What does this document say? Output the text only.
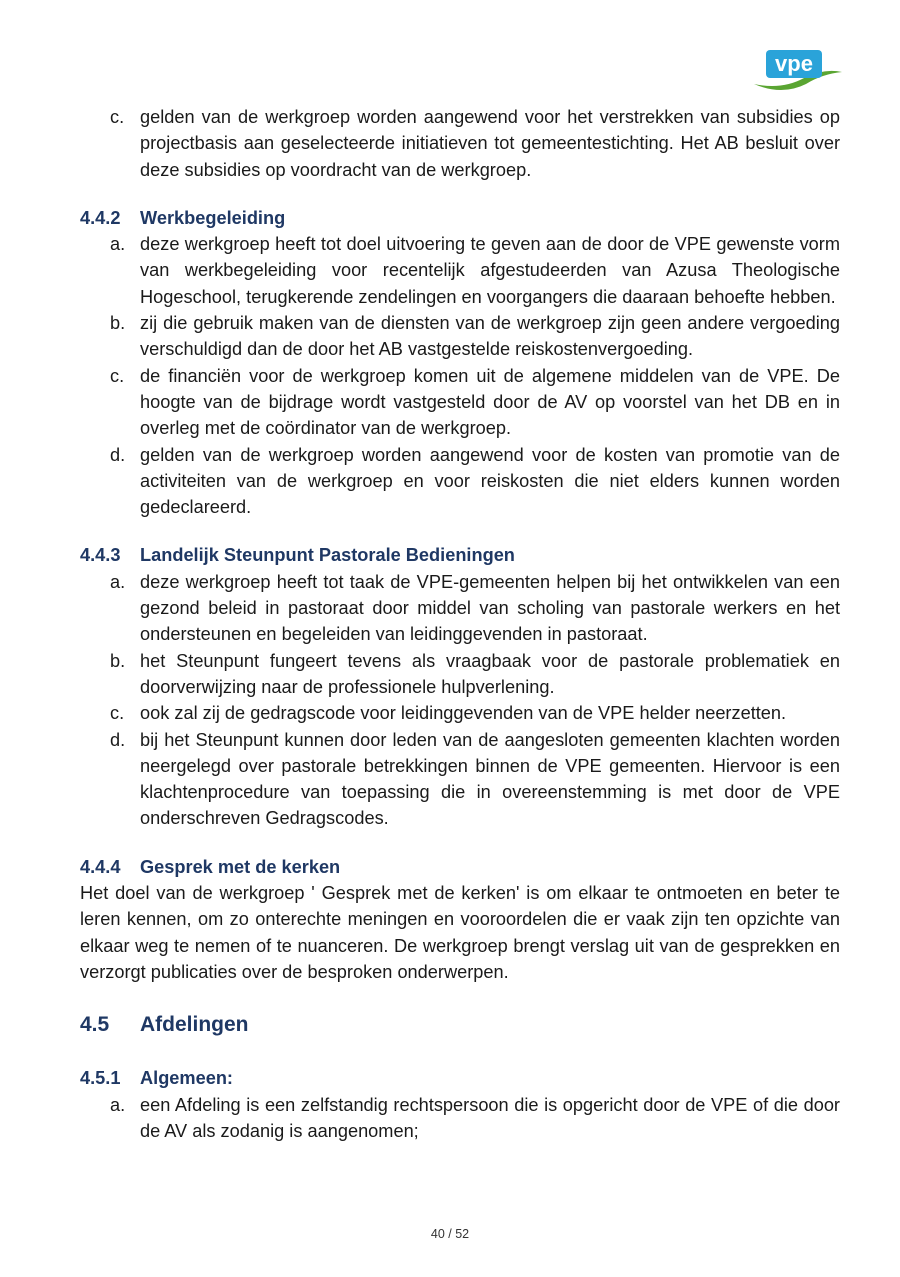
vpe
c. gelden van de werkgroep worden aangewend voor het verstrekken van subsidies op projectbasis aan geselecteerde initiatieven tot gemeentestichting. Het AB besluit over deze subsidies op voordracht van de werkgroep.
4.4.2	Werkbegeleiding
a. deze werkgroep heeft tot doel uitvoering te geven aan de door de VPE gewenste vorm van werkbegeleiding voor recentelijk afgestudeerden van Azusa Theologische Hogeschool, terugkerende zendelingen en voorgangers die daaraan behoefte hebben.
b. zij die gebruik maken van de diensten van de werkgroep zijn geen andere vergoeding verschuldigd dan de door het AB vastgestelde reiskostenvergoeding.
c. de financiën voor de werkgroep komen uit de algemene middelen van de VPE. De hoogte van de bijdrage wordt vastgesteld door de AV op voorstel van het DB en in overleg met de coördinator van de werkgroep.
d. gelden van de werkgroep worden aangewend voor de kosten van promotie van de activiteiten van de werkgroep en voor reiskosten die niet elders kunnen worden gedeclareerd.
4.4.3	Landelijk Steunpunt Pastorale Bedieningen
a. deze werkgroep heeft tot taak de VPE-gemeenten helpen bij het ontwikkelen van een gezond beleid in pastoraat door middel van scholing van pastorale werkers en het ondersteunen en begeleiden van leidinggevenden in pastoraat.
b. het Steunpunt fungeert tevens als vraagbaak voor de pastorale problematiek en doorverwijzing naar de professionele hulpverlening.
c. ook zal zij de gedragscode voor leidinggevenden van de VPE helder neerzetten.
d. bij het Steunpunt kunnen door leden van de aangesloten gemeenten klachten worden neergelegd over pastorale betrekkingen binnen de VPE gemeenten. Hiervoor is een klachtenprocedure van toepassing die in overeenstemming is met door de VPE onderschreven Gedragscodes.
4.4.4	Gesprek met de kerken
Het doel van de werkgroep ' Gesprek met de kerken' is om elkaar te ontmoeten en beter te leren kennen, om zo onterechte meningen en vooroordelen die er vaak zijn ten opzichte van elkaar weg te nemen of te nuanceren. De werkgroep brengt verslag uit van de gesprekken en verzorgt publicaties over de besproken onderwerpen.
4.5	Afdelingen
4.5.1	Algemeen:
a. een Afdeling is een zelfstandig rechtspersoon die is opgericht door de VPE of die door de AV als zodanig is aangenomen;
40 / 52
